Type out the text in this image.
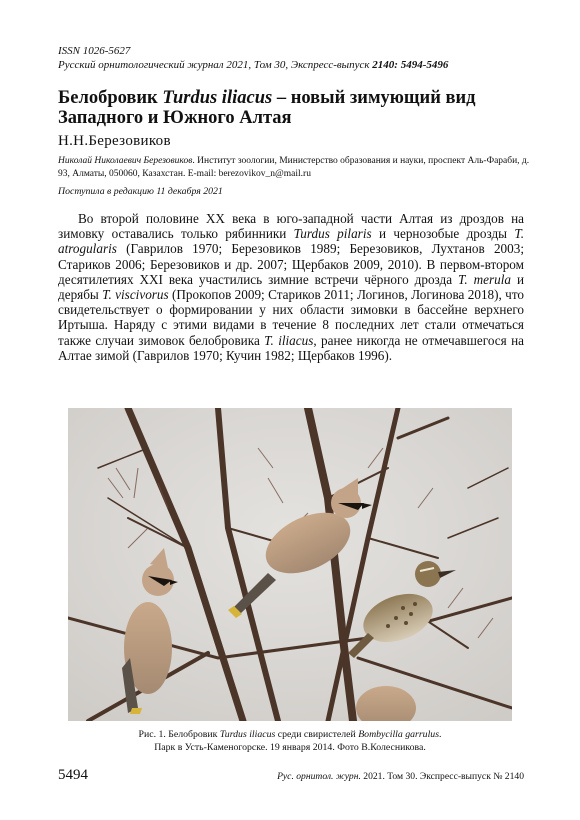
ISSN 1026-5627
Русский орнитологический журнал 2021, Том 30, Экспресс-выпуск 2140: 5494-5496
Белобровик Turdus iliacus – новый зимующий вид Западного и Южного Алтая
Н.Н.Березовиков
Николай Николаевич Березовиков. Институт зоологии, Министерство образования и науки, проспект Аль-Фараби, д. 93, Алматы, 050060, Казахстан. E-mail: berezovikov_n@mail.ru
Поступила в редакцию 11 декабря 2021
Во второй половине XX века в юго-западной части Алтая из дроздов на зимовку оставались только рябинники Turdus pilaris и чернозобые дрозды T. atrogularis (Гаврилов 1970; Березовиков 1989; Березовиков, Лухтанов 2003; Стариков 2006; Березовиков и др. 2007; Щербаков 2009, 2010). В первом-втором десятилетиях XXI века участились зимние встречи чёрного дрозда T. merula и дерябы T. viscivorus (Прокопов 2009; Стариков 2011; Логинов, Логинова 2018), что свидетельствует о формировании у них области зимовки в бассейне верхнего Иртыша. Наряду с этими видами в течение 8 последних лет стали отмечаться также случаи зимовок белобровика T. iliacus, ранее никогда не отмечавшегося на Алтае зимой (Гаврилов 1970; Кучин 1982; Щербаков 1996).
Рис. 1. Белобровик Turdus iliacus среди свиристелей Bombycilla garrulus.
Парк в Усть-Каменогорске. 19 января 2014. Фото В.Колесникова.
5494	Рус. орнитол. журн. 2021. Том 30. Экспресс-выпуск № 2140
